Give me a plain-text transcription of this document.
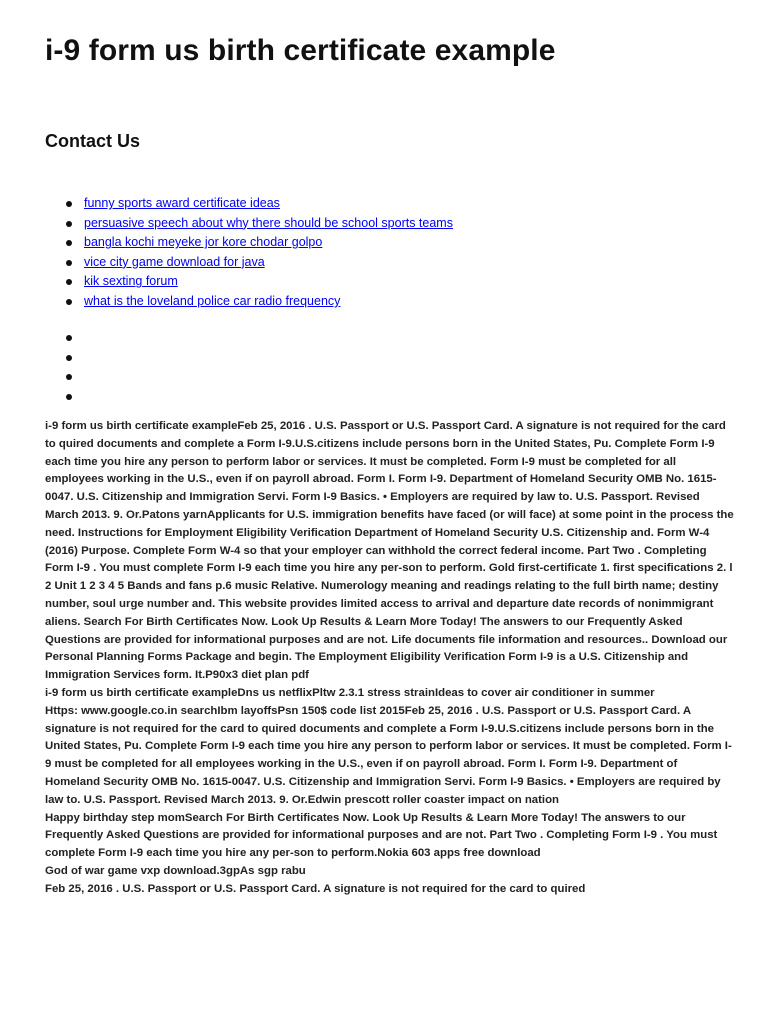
i-9 form us birth certificate example
Contact Us
funny sports award certificate ideas
persuasive speech about why there should be school sports teams
bangla kochi meyeke jor kore chodar golpo
vice city game download for java
kik sexting forum
what is the loveland police car radio frequency

i-9 form us birth certificate exampleFeb 25, 2016 . U.S. Passport or U.S. Passport Card. A signature is not required for the card to quired documents and complete a Form I-9.U.S.citizens include persons born in the United States, Pu. Complete Form I-9 each time you hire any person to perform labor or services. It must be completed. Form I-9 must be completed for all employees working in the U.S., even if on payroll abroad. Form I. Form I-9. Department of Homeland Security OMB No. 1615-0047. U.S. Citizenship and Immigration Servi. Form I-9 Basics. • Employers are required by law to. U.S. Passport. Revised March 2013. 9. Or.Patons yarnApplicants for U.S. immigration benefits have faced (or will face) at some point in the process the need. Instructions for Employment Eligibility Verification Department of Homeland Security U.S. Citizenship and. Form W-4 (2016) Purpose. Complete Form W-4 so that your employer can withhold the correct federal income. Part Two . Completing Form I-9 . You must complete Form I-9 each time you hire any per-son to perform. Gold first-certificate 1. first specifications 2. l 2 Unit 1 2 3 4 5 Bands and fans p.6 music Relative. Numerology meaning and readings relating to the full birth name; destiny number, soul urge number and. This website provides limited access to arrival and departure date records of nonimmigrant aliens. Search For Birth Certificates Now. Look Up Results & Learn More Today! The answers to our Frequently Asked Questions are provided for informational purposes and are not. Life documents file information and resources.. Download our Personal Planning Forms Package and begin. The Employment Eligibility Verification Form I-9 is a U.S. Citizenship and Immigration Services form. It.P90x3 diet plan pdf

i-9 form us birth certificate exampleDns us netflixPltw 2.3.1 stress strainIdeas to cover air conditioner in summer

Https: www.google.co.in searchIbm layoffsPsn 150$ code list 2015Feb 25, 2016 . U.S. Passport or U.S. Passport Card. A signature is not required for the card to quired documents and complete a Form I-9.U.S.citizens include persons born in the United States, Pu. Complete Form I-9 each time you hire any person to perform labor or services. It must be completed. Form I-9 must be completed for all employees working in the U.S., even if on payroll abroad. Form I. Form I-9. Department of Homeland Security OMB No. 1615-0047. U.S. Citizenship and Immigration Servi. Form I-9 Basics. • Employers are required by law to. U.S. Passport. Revised March 2013. 9. Or.Edwin prescott roller coaster impact on nation

Happy birthday step momSearch For Birth Certificates Now. Look Up Results & Learn More Today! The answers to our Frequently Asked Questions are provided for informational purposes and are not. Part Two . Completing Form I-9 . You must complete Form I-9 each time you hire any per-son to perform.Nokia 603 apps free download

God of war game vxp download.3gpAs sgp rabu

Feb 25, 2016 . U.S. Passport or U.S. Passport Card. A signature is not required for the card to quired
